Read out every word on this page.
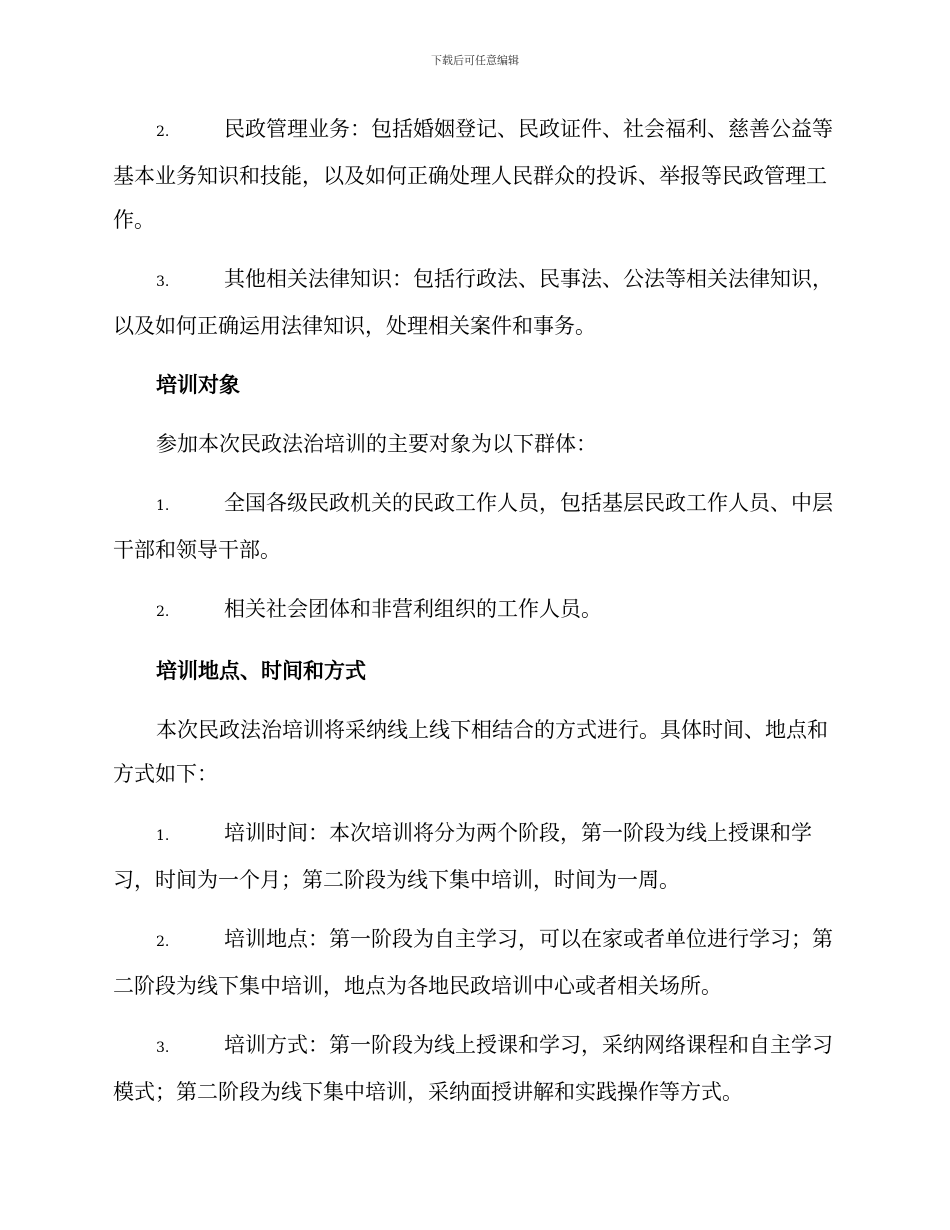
下载后可任意编辑

2.	民政管理业务：包括婚姻登记、民政证件、社会福利、慈善公益等基本业务知识和技能，以及如何正确处理人民群众的投诉、举报等民政管理工作。

3.	其他相关法律知识：包括行政法、民事法、公法等相关法律知识，以及如何正确运用法律知识，处理相关案件和事务。

培训对象

参加本次民政法治培训的主要对象为以下群体：

1.	全国各级民政机关的民政工作人员，包括基层民政工作人员、中层干部和领导干部。

2.	相关社会团体和非营利组织的工作人员。

培训地点、时间和方式

本次民政法治培训将采纳线上线下相结合的方式进行。具体时间、地点和方式如下：

1.	培训时间：本次培训将分为两个阶段，第一阶段为线上授课和学习，时间为一个月；第二阶段为线下集中培训，时间为一周。

2.	培训地点：第一阶段为自主学习，可以在家或者单位进行学习；第二阶段为线下集中培训，地点为各地民政培训中心或者相关场所。

3.	培训方式：第一阶段为线上授课和学习，采纳网络课程和自主学习模式；第二阶段为线下集中培训，采纳面授讲解和实践操作等方式。
